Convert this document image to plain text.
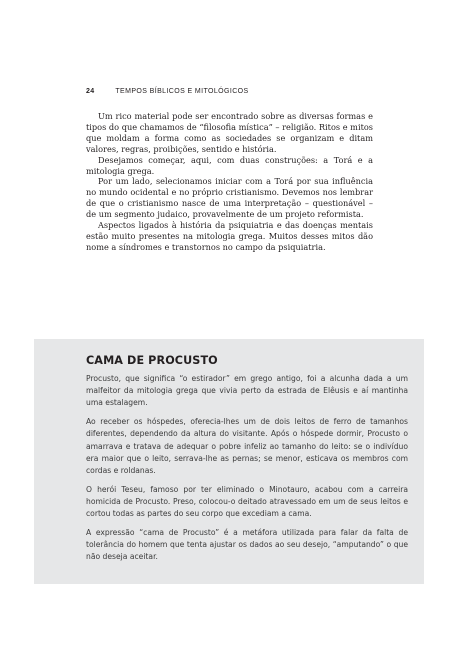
24	TEMPOS BÍBLICOS E MITOLÓGICOS

Um rico material pode ser encontrado sobre as diversas formas e tipos do que chamamos de “filosofia mística” – religião. Ritos e mitos que moldam a forma como as sociedades se organizam e ditam valores, regras, proibições, sentido e história.

Desejamos começar, aqui, com duas construções: a Torá e a mitologia grega.

Por um lado, selecionamos iniciar com a Torá por sua influência no mundo ocidental e no próprio cristianismo. Devemos nos lembrar de que o cristianismo nasce de uma interpretação – questionável – de um segmento judaico, provavelmente de um projeto reformista.

Aspectos ligados à história da psiquiatria e das doenças mentais estão muito presentes na mitologia grega. Muitos desses mitos dão nome a síndromes e transtornos no campo da psiquiatria.

CAMA DE PROCUSTO

Procusto, que significa “o estirador” em grego antigo, foi a alcunha dada a um malfeitor da mitologia grega que vivia perto da estrada de Elêusis e aí mantinha uma estalagem.

Ao receber os hóspedes, oferecia-lhes um de dois leitos de ferro de tamanhos diferentes, dependendo da altura do visitante. Após o hóspede dormir, Procusto o amarrava e tratava de adequar o pobre infeliz ao tamanho do leito: se o indivíduo era maior que o leito, serrava-lhe as pernas; se menor, esticava os membros com cordas e roldanas.

O herói Teseu, famoso por ter eliminado o Minotauro, acabou com a carreira homicida de Procusto. Preso, colocou-o deitado atravessado em um de seus leitos e cortou todas as partes do seu corpo que excediam a cama.

A expressão “cama de Procusto” é a metáfora utilizada para falar da falta de tolerância do homem que tenta ajustar os dados ao seu desejo, “amputando” o que não deseja aceitar.
